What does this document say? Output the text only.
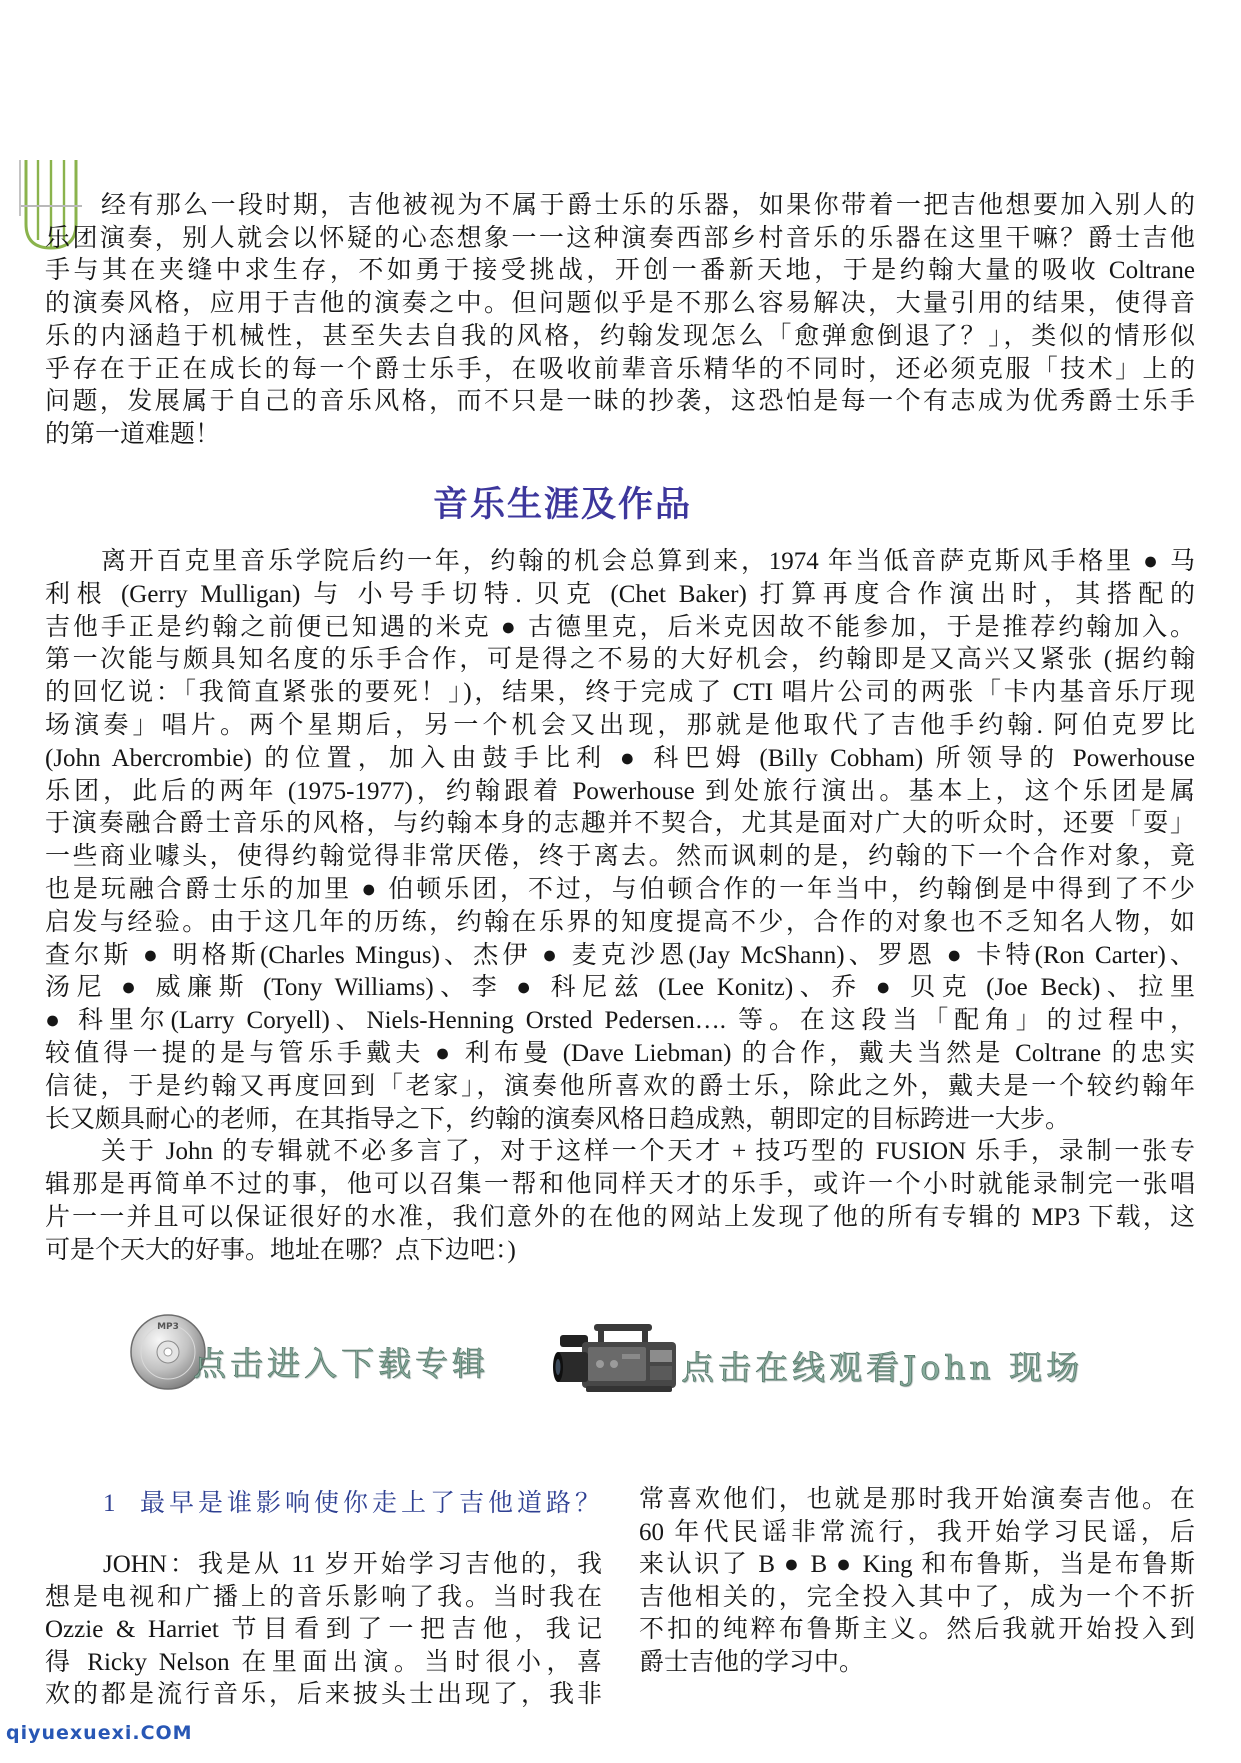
经有那么一段时期，吉他被视为不属于爵士乐的乐器，如果你带着一把吉他想要加入别人的
乐团演奏，别人就会以怀疑的心态想象一一这种演奏西部乡村音乐的乐器在这里干嘛？爵士吉他
手与其在夹缝中求生存，不如勇于接受挑战，开创一番新天地，于是约翰大量的吸收 Coltrane
的演奏风格，应用于吉他的演奏之中。但问题似乎是不那么容易解决，大量引用的结果，使得音
乐的内涵趋于机械性，甚至失去自我的风格，约翰发现怎么「愈弹愈倒退了？」，类似的情形似
乎存在于正在成长的每一个爵士乐手，在吸收前辈音乐精华的不同时，还必须克服「技术」上的
问题，发展属于自己的音乐风格，而不只是一昧的抄袭，这恐怕是每一个有志成为优秀爵士乐手
的第一道难题！
音乐生涯及作品
离开百克里音乐学院后约一年，约翰的机会总算到来，1974 年当低音萨克斯风手格里 ● 马
利根 (Gerry Mulligan) 与 小号手切特. 贝克 (Chet Baker) 打算再度合作演出时，其搭配的
吉他手正是约翰之前便已知遇的米克 ● 古德里克，后米克因故不能参加，于是推荐约翰加入。
第一次能与颇具知名度的乐手合作，可是得之不易的大好机会，约翰即是又高兴又紧张 (据约翰
的回忆说：「我简直紧张的要死！」)，结果，终于完成了 CTI 唱片公司的两张「卡内基音乐厅现
场演奏」唱片。两个星期后，另一个机会又出现，那就是他取代了吉他手约翰. 阿伯克罗比
(John Abercrombie) 的位置，加入由鼓手比利 ● 科巴姆 (Billy Cobham) 所领导的 Powerhouse
乐团，此后的两年 (1975-1977)，约翰跟着 Powerhouse 到处旅行演出。基本上，这个乐团是属
于演奏融合爵士音乐的风格，与约翰本身的志趣并不契合，尤其是面对广大的听众时，还要「耍」
一些商业噱头，使得约翰觉得非常厌倦，终于离去。然而讽刺的是，约翰的下一个合作对象，竟
也是玩融合爵士乐的加里 ● 伯顿乐团，不过，与伯顿合作的一年当中，约翰倒是中得到了不少
启发与经验。由于这几年的历练，约翰在乐界的知度提高不少，合作的对象也不乏知名人物，如
查尔斯 ● 明格斯(Charles Mingus)、杰伊 ● 麦克沙恩(Jay McShann)、罗恩 ● 卡特(Ron Carter)、
汤尼 ● 威廉斯 (Tony Williams)、李 ● 科尼兹 (Lee Konitz)、乔 ● 贝克 (Joe Beck)、拉里
● 科里尔(Larry Coryell)、Niels-Henning Orsted Pedersen…. 等。在这段当「配角」的过程中，
较值得一提的是与管乐手戴夫 ● 利布曼 (Dave Liebman) 的合作，戴夫当然是 Coltrane 的忠实
信徒，于是约翰又再度回到「老家」，演奏他所喜欢的爵士乐，除此之外，戴夫是一个较约翰年
长又颇具耐心的老师，在其指导之下，约翰的演奏风格日趋成熟，朝即定的目标跨进一大步。
关于 John 的专辑就不必多言了，对于这样一个天才 + 技巧型的 FUSION 乐手，录制一张专
辑那是再简单不过的事，他可以召集一帮和他同样天才的乐手，或许一个小时就能录制完一张唱
片一一并且可以保证很好的水准，我们意外的在他的网站上发现了他的所有专辑的 MP3 下载，这
可是个天大的好事。地址在哪？点下边吧：)
MP3
点击进入下载专辑	点击在线观看John 现场
1  最早是谁影响使你走上了吉他道路？
JOHN：我是从 11 岁开始学习吉他的，我
想是电视和广播上的音乐影响了我。当时我在
Ozzie & Harriet 节目看到了一把吉他，我记
得 Ricky Nelson 在里面出演。当时很小，喜
欢的都是流行音乐，后来披头士出现了，我非
常喜欢他们，也就是那时我开始演奏吉他。在
60 年代民谣非常流行，我开始学习民谣，后
来认识了 B ● B ● King 和布鲁斯，当是布鲁斯
吉他相关的，完全投入其中了，成为一个不折
不扣的纯粹布鲁斯主义。然后我就开始投入到
爵士吉他的学习中。
qiyuexuexi.COM
